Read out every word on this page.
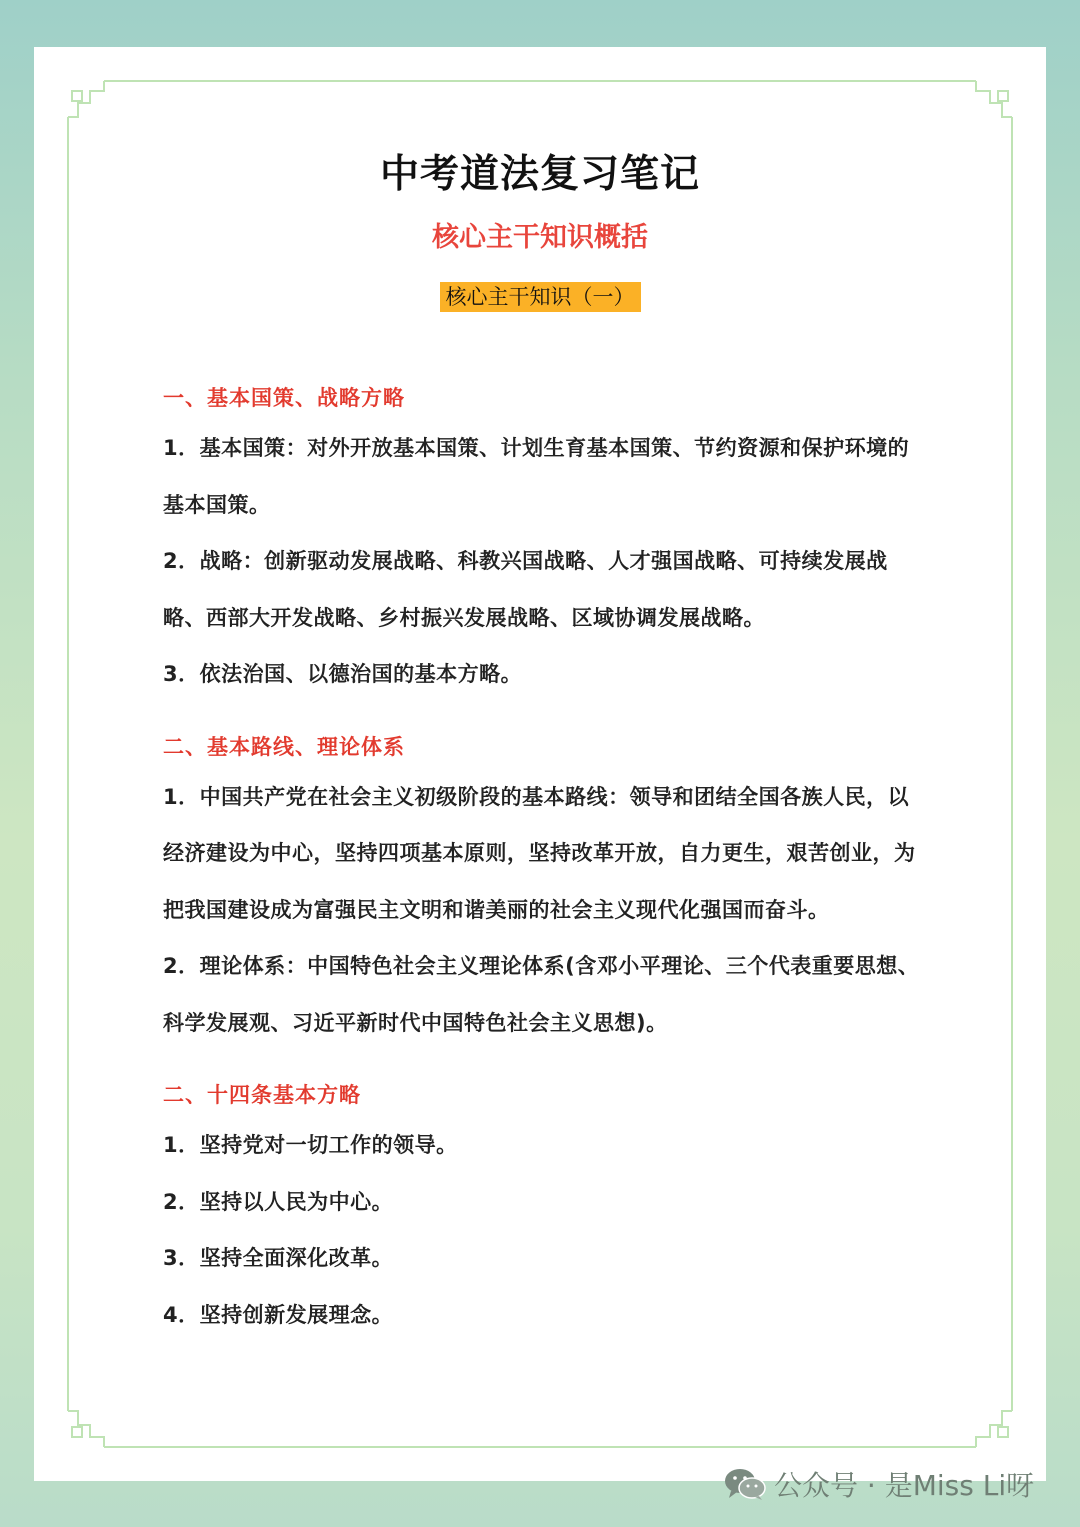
中考道法复习笔记
核心主干知识概括
核心主干知识（一）

一、基本国策、战略方略

1．基本国策：对外开放基本国策、计划生育基本国策、节约资源和保护环境的基本国策。

2．战略：创新驱动发展战略、科教兴国战略、人才强国战略、可持续发展战略、西部大开发战略、乡村振兴发展战略、区域协调发展战略。

3．依法治国、以德治国的基本方略。

二、基本路线、理论体系

1．中国共产党在社会主义初级阶段的基本路线：领导和团结全国各族人民，以经济建设为中心，坚持四项基本原则，坚持改革开放，自力更生，艰苦创业，为把我国建设成为富强民主文明和谐美丽的社会主义现代化强国而奋斗。

2．理论体系：中国特色社会主义理论体系(含邓小平理论、三个代表重要思想、科学发展观、习近平新时代中国特色社会主义思想)。

二、十四条基本方略

1．坚持党对一切工作的领导。

2．坚持以人民为中心。

3．坚持全面深化改革。

4．坚持创新发展理念。

公众号 · 是Miss Li呀
